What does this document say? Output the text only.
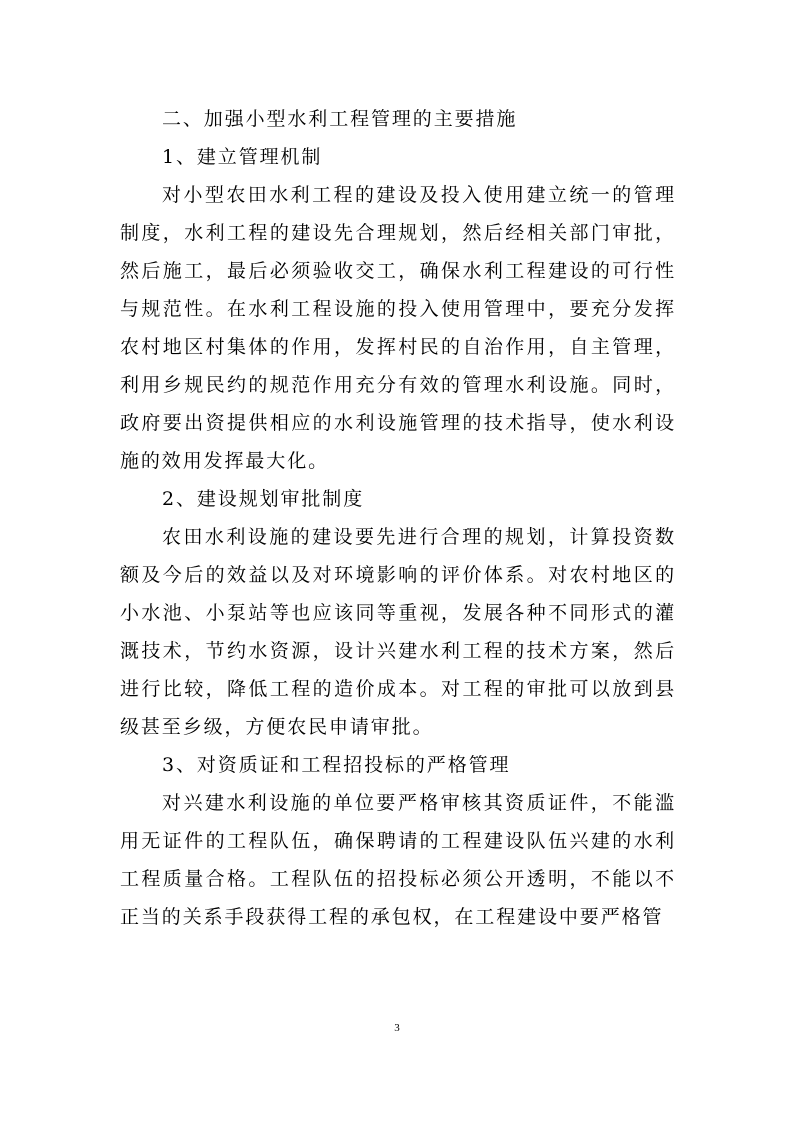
二、加强小型水利工程管理的主要措施

1、建立管理机制

对小型农田水利工程的建设及投入使用建立统一的管理制度，水利工程的建设先合理规划，然后经相关部门审批，然后施工，最后必须验收交工，确保水利工程建设的可行性与规范性。在水利工程设施的投入使用管理中，要充分发挥农村地区村集体的作用，发挥村民的自治作用，自主管理，利用乡规民约的规范作用充分有效的管理水利设施。同时，政府要出资提供相应的水利设施管理的技术指导，使水利设施的效用发挥最大化。

2、建设规划审批制度

农田水利设施的建设要先进行合理的规划，计算投资数额及今后的效益以及对环境影响的评价体系。对农村地区的小水池、小泵站等也应该同等重视，发展各种不同形式的灌溉技术，节约水资源，设计兴建水利工程的技术方案，然后进行比较，降低工程的造价成本。对工程的审批可以放到县级甚至乡级，方便农民申请审批。

3、对资质证和工程招投标的严格管理

对兴建水利设施的单位要严格审核其资质证件，不能滥用无证件的工程队伍，确保聘请的工程建设队伍兴建的水利工程质量合格。工程队伍的招投标必须公开透明，不能以不正当的关系手段获得工程的承包权，在工程建设中要严格管

3
